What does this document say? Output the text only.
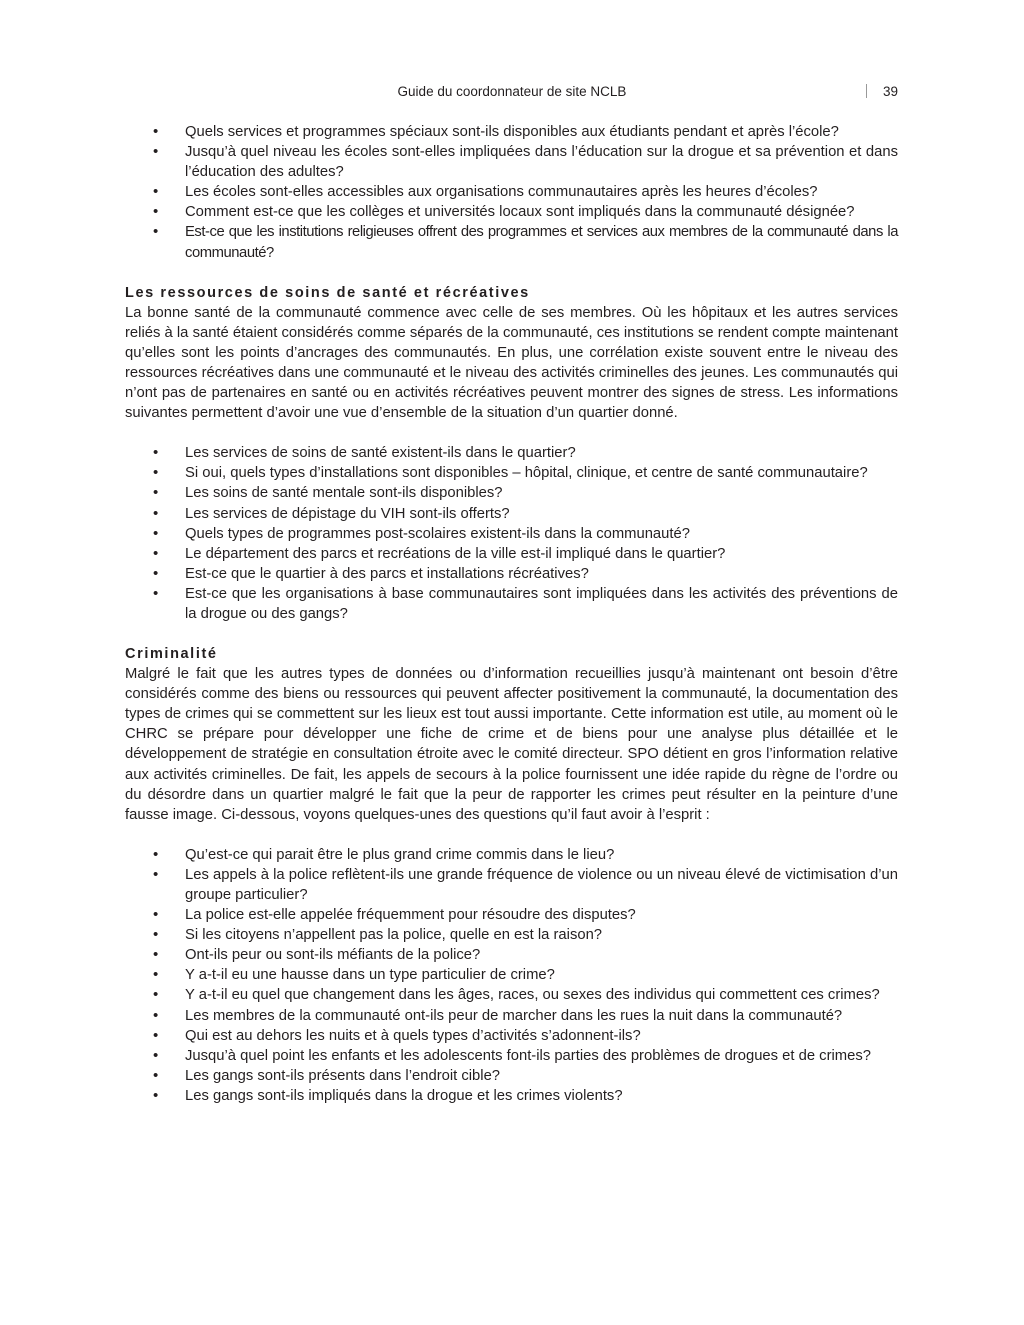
Guide du coordonnateur de site NCLB	39
• Quels services et programmes spéciaux sont-ils disponibles aux étudiants pendant et après l’école?
• Jusqu’à quel niveau les écoles sont-elles impliquées dans l’éducation sur la drogue et sa prévention et dans l’éducation des adultes?
• Les écoles sont-elles accessibles aux organisations communautaires après les heures d’écoles?
• Comment est-ce que les collèges et universités locaux sont impliqués dans la communauté désignée?
• Est-ce que les institutions religieuses offrent des programmes et services aux membres de la communauté dans la communauté?
Les ressources de soins de santé et récréatives

La bonne santé de la communauté commence avec celle de ses membres. Où les hôpitaux et les autres services reliés à la santé étaient considérés comme séparés de la communauté, ces institutions se rendent compte maintenant qu’elles sont les points d’ancrages des communautés. En plus, une corrélation existe souvent entre le niveau des ressources récréatives dans une communauté et le niveau des activités criminelles des jeunes. Les communautés qui n’ont pas de partenaires en santé ou en activités récréatives peuvent montrer des signes de stress. Les informations suivantes permettent d’avoir une vue d’ensemble de la situation d’un quartier donné.

• Les services de soins de santé existent-ils dans le quartier?
• Si oui, quels types d’installations sont disponibles – hôpital, clinique, et centre de santé communautaire?
• Les soins de santé mentale sont-ils disponibles?
• Les services de dépistage du VIH sont-ils offerts?
• Quels types de programmes post-scolaires existent-ils dans la communauté?
• Le département des parcs et recréations de la ville est-il impliqué dans le quartier?
• Est-ce que le quartier à des parcs et installations récréatives?
• Est-ce que les organisations à base communautaires sont impliquées dans les activités des préventions de la drogue ou des gangs?
Criminalité

Malgré le fait que les autres types de données ou d’information recueillies jusqu’à maintenant ont besoin d’être considérés comme des biens ou ressources qui peuvent affecter positivement la communauté, la documentation des types de crimes qui se commettent sur les lieux est tout aussi importante. Cette information est utile, au moment où le CHRC se prépare pour développer une fiche de crime et de biens pour une analyse plus détaillée et le développement de stratégie en consultation étroite avec le comité directeur. SPO détient en gros l’information relative aux activités criminelles. De fait, les appels de secours à la police fournissent une idée rapide du règne de l’ordre ou du désordre dans un quartier malgré le fait que la peur de rapporter les crimes peut résulter en la peinture d’une fausse image. Ci-dessous, voyons quelques-unes des questions qu’il faut avoir à l’esprit :

• Qu’est-ce qui parait être le plus grand crime commis dans le lieu?
• Les appels à la police reflètent-ils une grande fréquence de violence ou un niveau élevé de victimisation d’un groupe particulier?
• La police est-elle appelée fréquemment pour résoudre des disputes?
• Si les citoyens n’appellent pas la police, quelle en est la raison?
• Ont-ils peur ou sont-ils méfiants de la police?
• Y a-t-il eu une hausse dans un type particulier de crime?
• Y a-t-il eu quel que changement dans les âges, races, ou sexes des individus qui commettent ces crimes?
• Les membres de la communauté ont-ils peur de marcher dans les rues la nuit dans la communauté?
• Qui est au dehors les nuits et à quels types d’activités s’adonnent-ils?
• Jusqu’à quel point les enfants et les adolescents font-ils parties des problèmes de drogues et de crimes?
• Les gangs sont-ils présents dans l’endroit cible?
• Les gangs sont-ils impliqués dans la drogue et les crimes violents?
